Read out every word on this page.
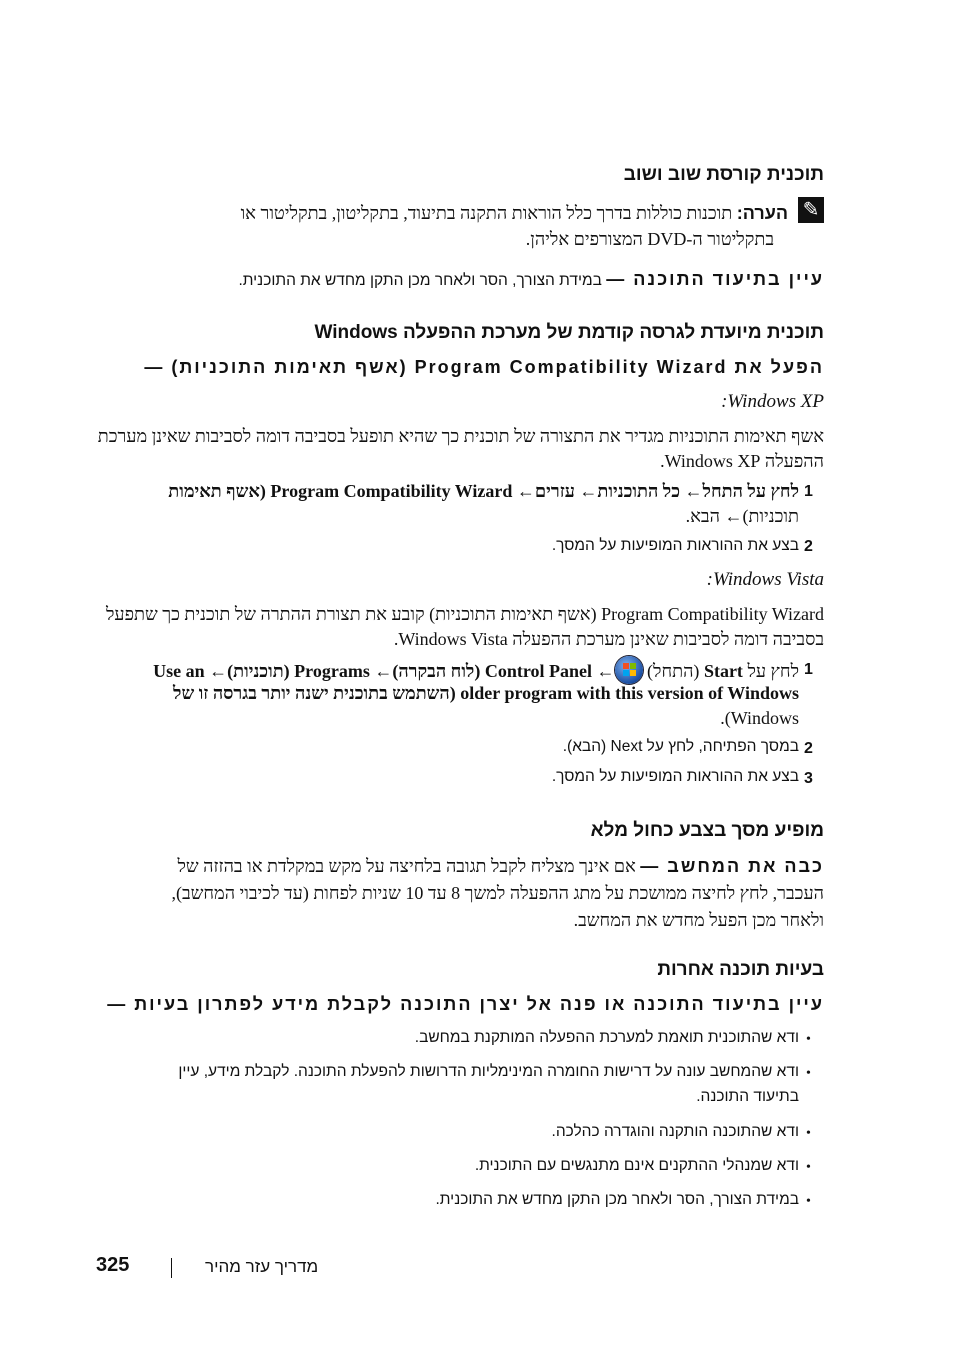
תוכנית קורסת שוב ושוב
✎
הערה: תוכנות כוללות בדרך כלל הוראות התקנה בתיעוד, בתקליטון, בתקליטור או
בתקליטור ה-DVD המצורפים אליהן.
עיין בתיעוד התוכנה — במידת הצורך, הסר ולאחר מכן התקן מחדש את התוכנית.
תוכנית מיועדת לגרסה קודמת של מערכת ההפעלה Windows
הפעל את Program Compatibility Wizard (אשף תאימות התוכניות) —
Windows XP:
אשף תאימות התוכניות מגדיר את התצורה של תוכנית כך שהיא תופעל בסביבה דומה לסביבות שאינן מערכת
ההפעלה Windows XP.
1
לחץ על התחל← כל התוכניות← עזרים← Program Compatibility Wizard (אשף תאימות
תוכניות)← הבא.
2
בצע את ההוראות המופיעות על המסך.
Windows Vista:
Program Compatibility Wizard (אשף תאימות התוכניות) קובע את תצורת ההתרה של תוכנית כך שתפעל
בסביבה דומה לסביבות שאינן מערכת ההפעלה Windows Vista.
1
לחץ על Start (התחל)
← Control Panel (לוח הבקרה)← Programs (תוכניות)← Use an
older program with this version of Windows (השתמש בתוכנית ישנה יותר בגרסה זו של
Windows).
2
במסך הפתיחה, לחץ על Next (הבא).
3
בצע את ההוראות המופיעות על המסך.
מופיע מסך בצבע כחול מלא
כבה את המחשב — אם אינך מצליח לקבל תגובה בלחיצה על מקש במקלדת או בהזזה של
העכבר, לחץ לחיצה ממושכת על מתג ההפעלה למשך 8 עד 10 שניות לפחות (עד לכיבוי המחשב),
ולאחר מכן הפעל מחדש את המחשב.
בעיות תוכנה אחרות
עיין בתיעוד התוכנה או פנה אל יצרן התוכנה לקבלת מידע לפתרון בעיות —
•
ודא שהתוכנית תואמת למערכת ההפעלה המותקנת במחשב.
•
ודא שהמחשב עונה על דרישות החומרה המינימליות הדרושות להפעלת התוכנה. לקבלת מידע, עיין
בתיעוד התוכנה.
•
ודא שהתוכנה הותקנה והוגדרה כהלכה.
•
ודא שמנהלי ההתקנים אינם מתנגשים עם התוכנית.
•
במידת הצורך, הסר ולאחר מכן התקן מחדש את התוכנית.
325	מדריך עזר מהיר
